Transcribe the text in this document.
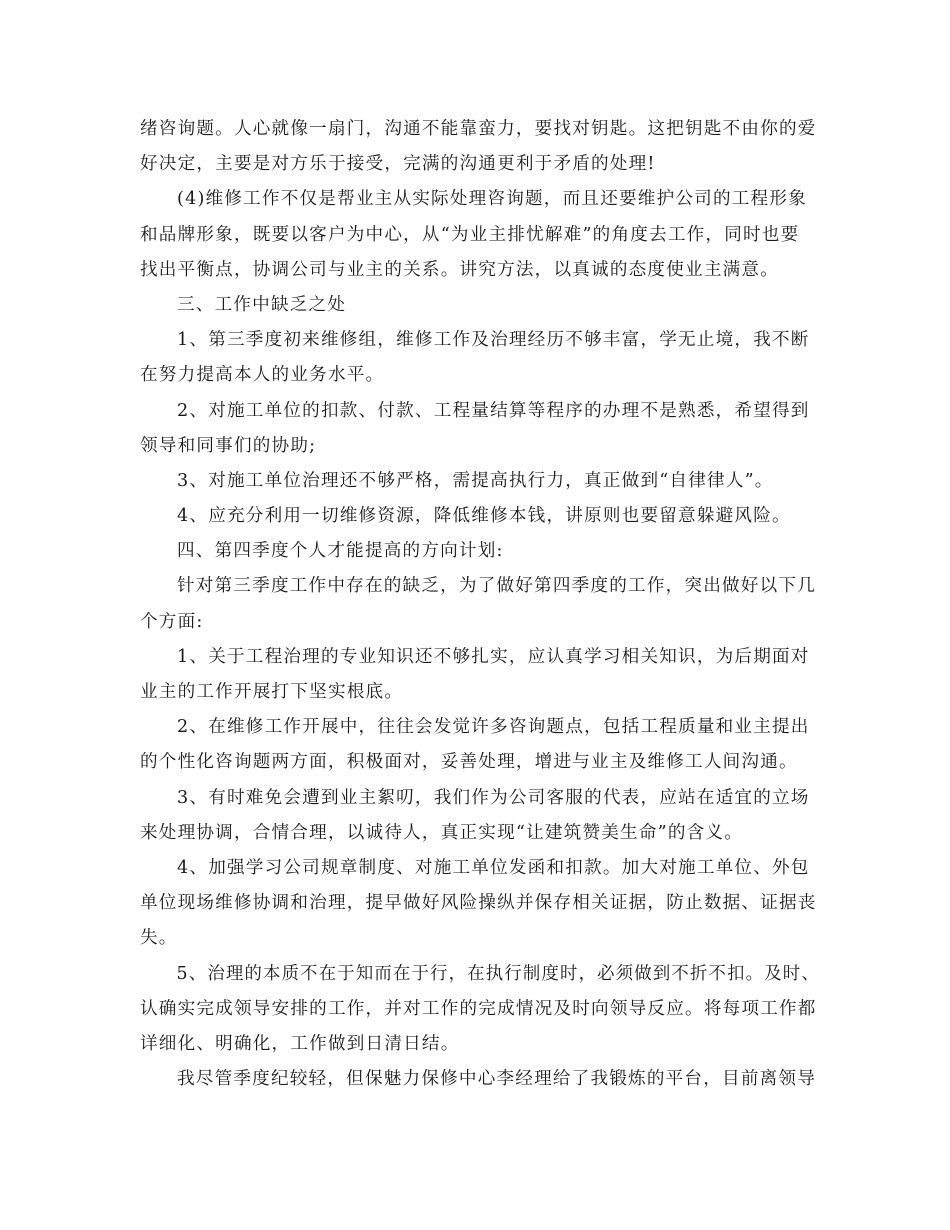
绪咨询题。人心就像一扇门，沟通不能靠蛮力，要找对钥匙。这把钥匙不由你的爱
好决定，主要是对方乐于接受，完满的沟通更利于矛盾的处理!
(4)维修工作不仅是帮业主从实际处理咨询题，而且还要维护公司的工程形象
和品牌形象，既要以客户为中心，从“为业主排忧解难”的角度去工作，同时也要
找出平衡点，协调公司与业主的关系。讲究方法，以真诚的态度使业主满意。
三、工作中缺乏之处
1、第三季度初来维修组，维修工作及治理经历不够丰富，学无止境，我不断
在努力提高本人的业务水平。
2、对施工单位的扣款、付款、工程量结算等程序的办理不是熟悉，希望得到
领导和同事们的协助;
3、对施工单位治理还不够严格，需提高执行力，真正做到“自律律人”。
4、应充分利用一切维修资源，降低维修本钱，讲原则也要留意躲避风险。
四、第四季度个人才能提高的方向计划:
针对第三季度工作中存在的缺乏，为了做好第四季度的工作，突出做好以下几
个方面:
1、关于工程治理的专业知识还不够扎实，应认真学习相关知识，为后期面对
业主的工作开展打下坚实根底。
2、在维修工作开展中，往往会发觉许多咨询题点，包括工程质量和业主提出
的个性化咨询题两方面，积极面对，妥善处理，增进与业主及维修工人间沟通。
3、有时难免会遭到业主絮叨，我们作为公司客服的代表，应站在适宜的立场
来处理协调，合情合理，以诚待人，真正实现“让建筑赞美生命”的含义。
4、加强学习公司规章制度、对施工单位发函和扣款。加大对施工单位、外包
单位现场维修协调和治理，提早做好风险操纵并保存相关证据，防止数据、证据丧
失。
5、治理的本质不在于知而在于行，在执行制度时，必须做到不折不扣。及时、
认确实完成领导安排的工作，并对工作的完成情况及时向领导反应。将每项工作都
详细化、明确化，工作做到日清日结。
我尽管季度纪较轻，但保魅力保修中心李经理给了我锻炼的平台，目前离领导
